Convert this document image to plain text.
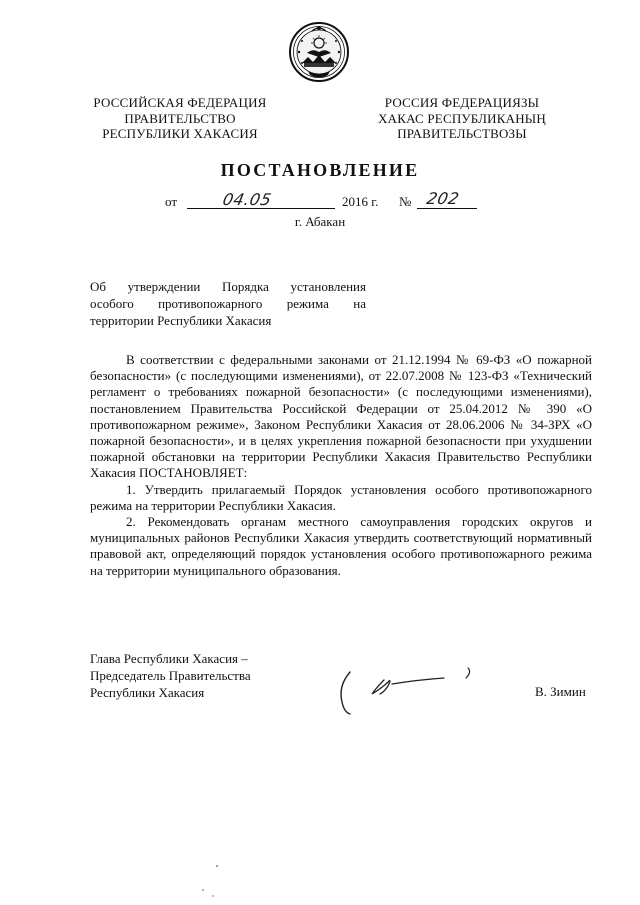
РОССИЙСКАЯ ФЕДЕРАЦИЯ
ПРАВИТЕЛЬСТВО
РЕСПУБЛИКИ ХАКАСИЯ
РОССИЯ ФЕДЕРАЦИЯЗЫ
ХАКАС РЕСПУБЛИКАНЫҢ
ПРАВИТЕЛЬСТВОЗЫ
ПОСТАНОВЛЕНИЕ
от	04.05	2016 г. № 202
г. Абакан
Об утверждении Порядка установления
особого противопожарного режима на
территории Республики Хакасия

В соответствии с федеральными законами от 21.12.1994 № 69-ФЗ «О пожарной безопасности» (с последующими изменениями), от 22.07.2008 № 123-ФЗ «Технический регламент о требованиях пожарной безопасности» (с последующими изменениями), постановлением Правительства Российской Федерации от 25.04.2012 № 390 «О противопожарном режиме», Законом Республики Хакасия от 28.06.2006 № 34-ЗРХ «О пожарной безопасности», и в целях укрепления пожарной безопасности при ухудшении пожарной обстановки на территории Республики Хакасия Правительство Республики Хакасия ПОСТАНОВЛЯЕТ:

1. Утвердить прилагаемый Порядок установления особого противопожарного режима на территории Республики Хакасия.

2. Рекомендовать органам местного самоуправления городских округов и муниципальных районов Республики Хакасия утвердить соответствующий нормативный правовой акт, определяющий порядок установления особого противопожарного режима на территории муниципального образования.

Глава Республики Хакасия –
Председатель Правительства
Республики Хакасия	В. Зимин
